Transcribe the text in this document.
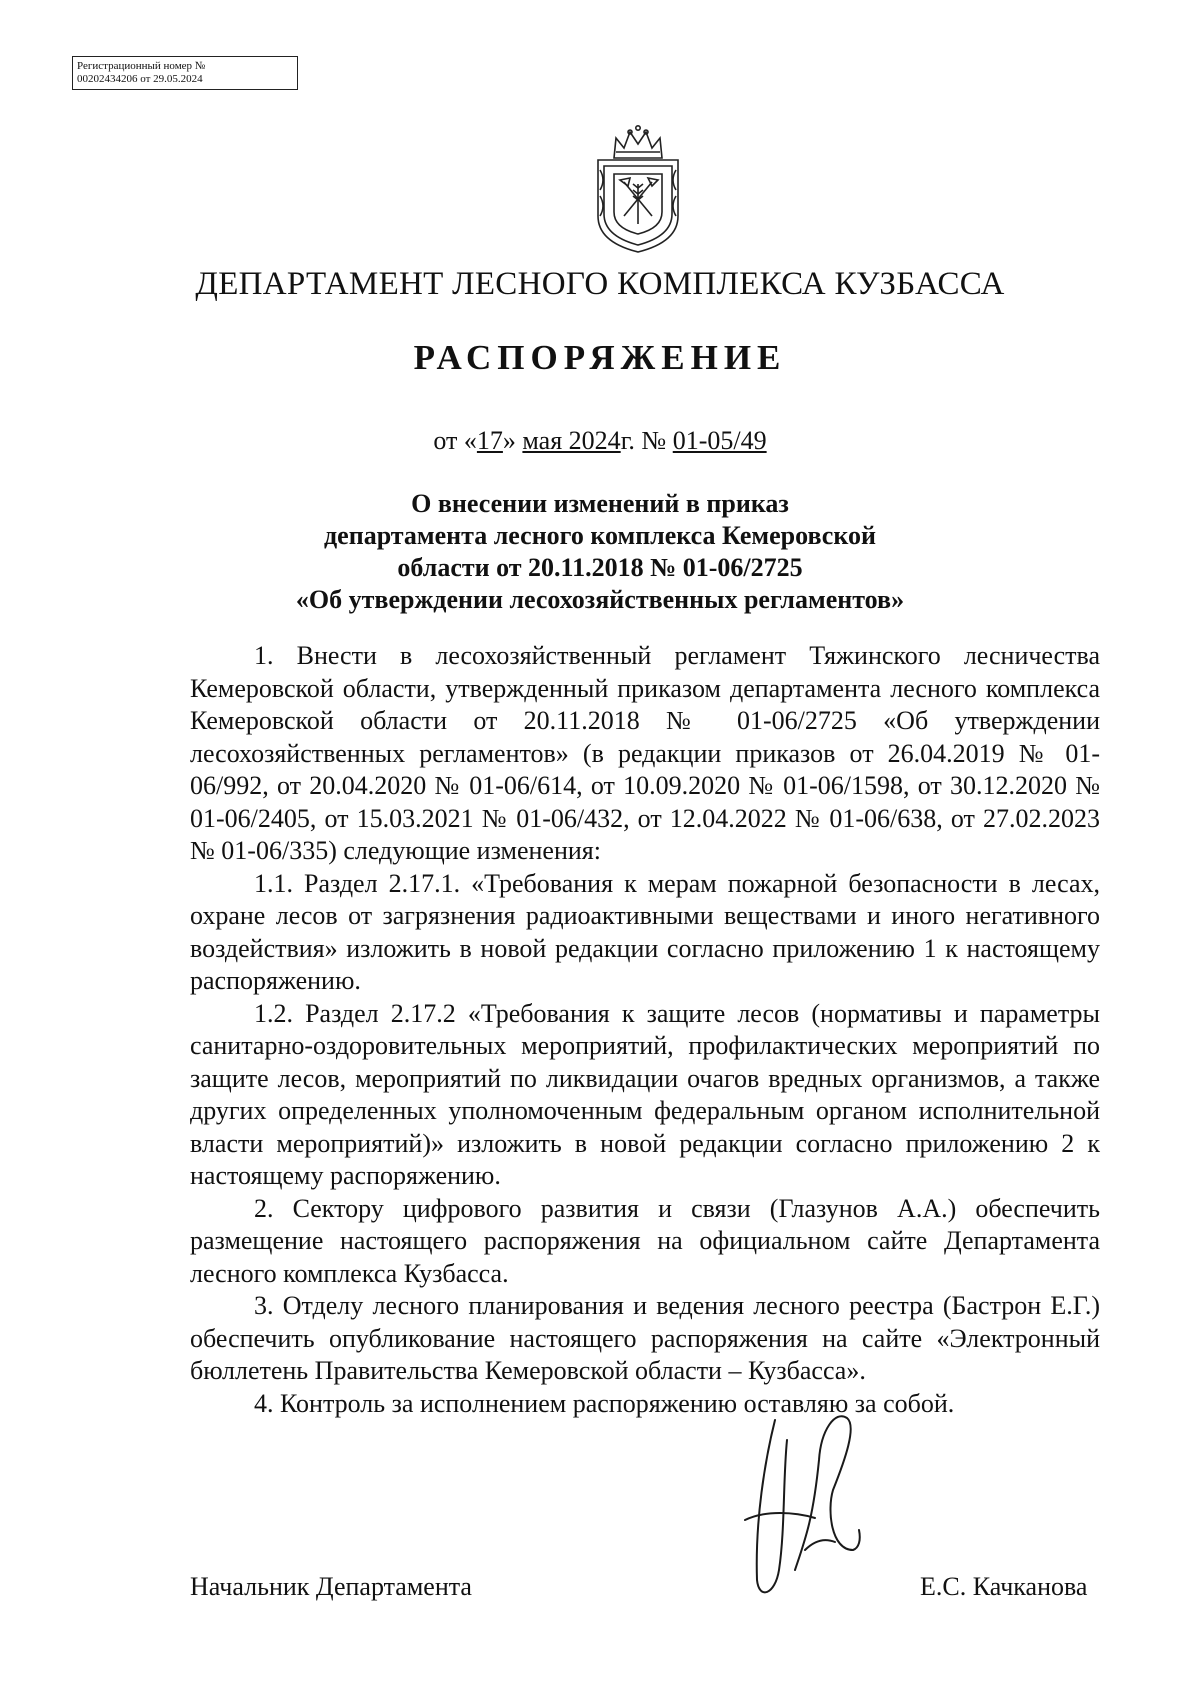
Регистрационный номер №
00202434206 от 29.05.2024
ДЕПАРТАМЕНТ ЛЕСНОГО КОМПЛЕКСА КУЗБАССА
РАСПОРЯЖЕНИЕ
от «17» мая 2024г. № 01-05/49
О внесении изменений в приказ
департамента лесного комплекса Кемеровской
области от 20.11.2018 № 01-06/2725
«Об утверждении лесохозяйственных регламентов»

1. Внести в лесохозяйственный регламент Тяжинского лесничества Кемеровской области, утвержденный приказом департамента лесного комплекса Кемеровской области от 20.11.2018 № 01-06/2725 «Об утверждении лесохозяйственных регламентов» (в редакции приказов от 26.04.2019 № 01-06/992, от 20.04.2020 № 01-06/614, от 10.09.2020 № 01-06/1598, от 30.12.2020 № 01-06/2405, от 15.03.2021 № 01-06/432, от 12.04.2022 № 01-06/638, от 27.02.2023 № 01-06/335) следующие изменения:

1.1. Раздел 2.17.1. «Требования к мерам пожарной безопасности в лесах, охране лесов от загрязнения радиоактивными веществами и иного негативного воздействия» изложить в новой редакции согласно приложению 1 к настоящему распоряжению.

1.2. Раздел 2.17.2 «Требования к защите лесов (нормативы и параметры санитарно-оздоровительных мероприятий, профилактических мероприятий по защите лесов, мероприятий по ликвидации очагов вредных организмов, а также других определенных уполномоченным федеральным органом исполнительной власти мероприятий)» изложить в новой редакции согласно приложению 2 к настоящему распоряжению.

2. Сектору цифрового развития и связи (Глазунов А.А.) обеспечить размещение настоящего распоряжения на официальном сайте Департамента лесного комплекса Кузбасса.

3. Отделу лесного планирования и ведения лесного реестра (Бастрон Е.Г.) обеспечить опубликование настоящего распоряжения на сайте «Электронный бюллетень Правительства Кемеровской области – Кузбасса».

4. Контроль за исполнением распоряжению оставляю за собой.

Начальник Департамента	Е.С. Качканова
